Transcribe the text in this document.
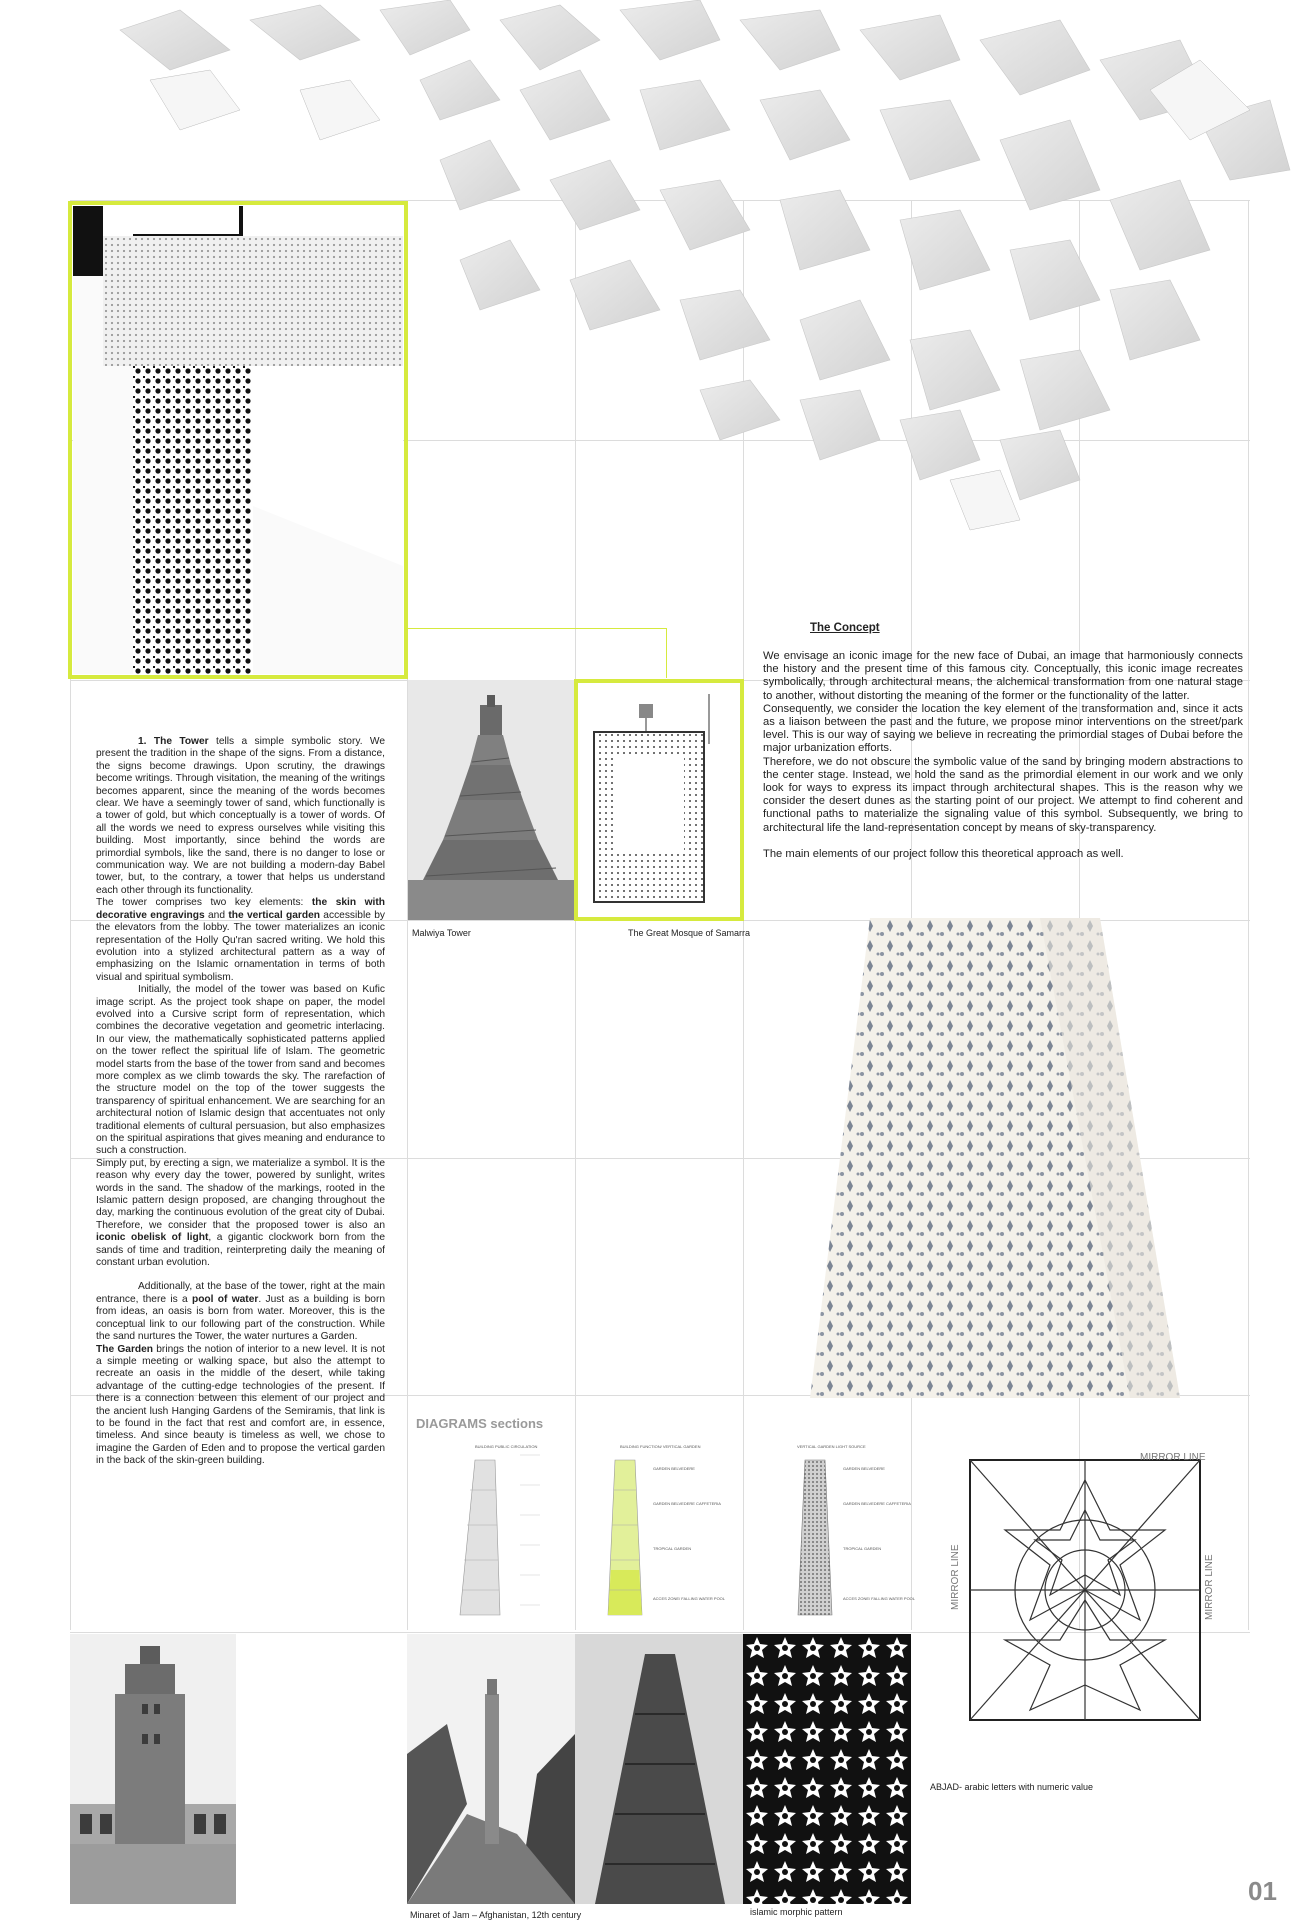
The Concept

We envisage an iconic image for the new face of Dubai, an image that harmoniously connects the history and the present time of this famous city. Conceptually, this iconic image recreates symbolically, through architectural means, the alchemical transformation from one natural stage to another, without distorting the meaning of the former or the functionality of the latter.

Consequently, we consider the location the key element of the transformation and, since it acts as a liaison between the past and the future, we propose minor interventions on the street/park level. This is our way of saying we believe in recreating the primordial stages of Dubai before the major urbanization efforts.

Therefore, we do not obscure the symbolic value of the sand by bringing modern abstractions to the center stage. Instead, we hold the sand as the primordial element in our work and we only look for ways to express its impact through architectural shapes. This is the reason why we consider the desert dunes as the starting point of our project. We attempt to find coherent and functional paths to materialize the signaling value of this symbol. Subsequently, we bring to architectural life the land-representation concept by means of sky-transparency.

The main elements of our project follow this theoretical approach as well.

Malwiya Tower	The Great Mosque of Samarra

1. The Tower tells a simple symbolic story. We present the tradition in the shape of the signs. From a distance, the signs become drawings. Upon scrutiny, the drawings become writings. Through visitation, the meaning of the writings becomes apparent, since the meaning of the words becomes clear. We have a seemingly tower of sand, which functionally is a tower of gold, but which conceptually is a tower of words. Of all the words we need to express ourselves while visiting this building. Most importantly, since behind the words are primordial symbols, like the sand, there is no danger to lose or communication way. We are not building a modern-day Babel tower, but, to the contrary, a tower that helps us understand each other through its functionality.

The tower comprises two key elements: the skin with decorative engravings and the vertical garden accessible by the elevators from the lobby. The tower materializes an iconic representation of the Holly Qu'ran sacred writing. We hold this evolution into a stylized architectural pattern as a way of emphasizing on the Islamic ornamentation in terms of both visual and spiritual symbolism.

Initially, the model of the tower was based on Kufic image script. As the project took shape on paper, the model evolved into a Cursive script form of representation, which combines the decorative vegetation and geometric interlacing. In our view, the mathematically sophisticated patterns applied on the tower reflect the spiritual life of Islam. The geometric model starts from the base of the tower from sand and becomes more complex as we climb towards the sky. The rarefaction of the structure model on the top of the tower suggests the transparency of spiritual enhancement. We are searching for an architectural notion of Islamic design that accentuates not only traditional elements of cultural persuasion, but also emphasizes on the spiritual aspirations that gives meaning and endurance to such a construction.

Simply put, by erecting a sign, we materialize a symbol. It is the reason why every day the tower, powered by sunlight, writes words in the sand. The shadow of the markings, rooted in the Islamic pattern design proposed, are changing throughout the day, marking the continuous evolution of the great city of Dubai. Therefore, we consider that the proposed tower is also an iconic obelisk of light, a gigantic clockwork born from the sands of time and tradition, reinterpreting daily the meaning of constant urban evolution.

Additionally, at the base of the tower, right at the main entrance, there is a pool of water. Just as a building is born from ideas, an oasis is born from water. Moreover, this is the conceptual link to our following part of the construction. While the sand nurtures the Tower, the water nurtures a Garden.

The Garden brings the notion of interior to a new level. It is not a simple meeting or walking space, but also the attempt to recreate an oasis in the middle of the desert, while taking advantage of the cutting-edge technologies of the present. If there is a connection between this element of our project and the ancient lush Hanging Gardens of the Semiramis, that link is to be found in the fact that rest and comfort are, in essence, timeless. And since beauty is timeless as well, we chose to imagine the Garden of Eden and to propose the vertical garden in the back of the skin-green building.

DIAGRAMS sections
BUILDING PUBLIC CIRCULATION	BUILDING FUNCTION/ VERTICAL GARDEN
GARDEN BELVEDERE
GARDEN BELVEDERE CAFFETERIA
TROPICAL GARDEN
ACCES ZONE/ FALLING WATER POOL
VERTICAL GARDEN LIGHT SOURCE
GARDEN BELVEDERE
GARDEN BELVEDERE CAFFETERIA
TROPICAL GARDEN
ACCES ZONE/ FALLING WATER POOL
MIRROR LINE
MIRROR LINE	MIRROR LINE
ABJAD- arabic letters with numeric value
Minaret of Jam – Afghanistan, 12th century	islamic morphic pattern
01
